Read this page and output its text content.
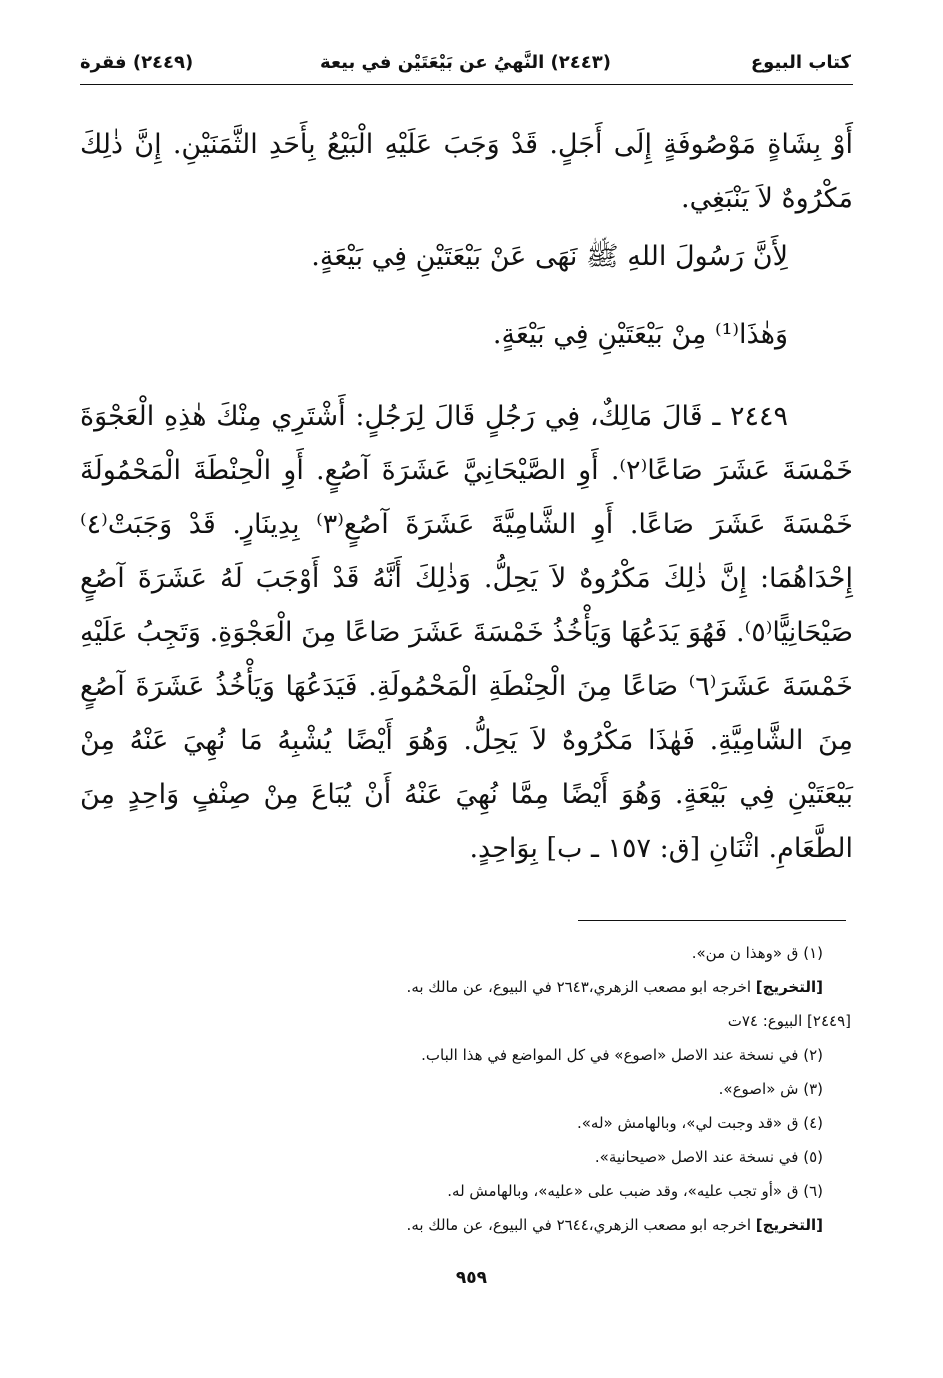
كتاب البيوع
(٢٤٤٣) النَّهيُ عن بَيْعَتَيْن في بيعة
(٢٤٤٩) فقرة

أَوْ بِشَاةٍ مَوْصُوفَةٍ إِلَى أَجَلٍ. قَدْ وَجَبَ عَلَيْهِ الْبَيْعُ بِأَحَدِ الثَّمَنَيْنِ. إِنَّ ذٰلِكَ مَكْرُوهٌ لاَ يَنْبَغِي.

لِأَنَّ رَسُولَ اللهِ ﷺ نَهَى عَنْ بَيْعَتَيْنِ فِي بَيْعَةٍ.

وَهٰذَا⁽¹⁾ مِنْ بَيْعَتَيْنِ فِي بَيْعَةٍ.

٢٤٤٩ ـ قَالَ مَالِكٌ، فِي رَجُلٍ قَالَ لِرَجُلٍ: أَشْتَرِي مِنْكَ هٰذِهِ الْعَجْوَةَ خَمْسَةَ عَشَرَ صَاعًا⁽٢⁾. أَوِ الصَّيْحَانِيَّ عَشَرَةَ آصُعٍ. أَوِ الْحِنْطَةَ الْمَحْمُولَةَ خَمْسَةَ عَشَرَ صَاعًا. أَوِ الشَّامِيَّةَ عَشَرَةَ آصُعٍ⁽٣⁾ بِدِينَارٍ. قَدْ وَجَبَتْ⁽٤⁾ إِحْدَاهُمَا: إِنَّ ذٰلِكَ مَكْرُوهٌ لاَ يَحِلُّ. وَذٰلِكَ أَنَّهُ قَدْ أَوْجَبَ لَهُ عَشَرَةَ آصُعٍ صَيْحَانِيًّا⁽٥⁾. فَهُوَ يَدَعُهَا وَيَأْخُذُ خَمْسَةَ عَشَرَ صَاعًا مِنَ الْعَجْوَةِ. وَتَجِبُ عَلَيْهِ خَمْسَةَ عَشَرَ⁽٦⁾ صَاعًا مِنَ الْحِنْطَةِ الْمَحْمُولَةِ. فَيَدَعُهَا وَيَأْخُذُ عَشَرَةَ آصُعٍ مِنَ الشَّامِيَّةِ. فَهٰذَا مَكْرُوهٌ لاَ يَحِلُّ. وَهُوَ أَيْضًا يُشْبِهُ مَا نُهِيَ عَنْهُ مِنْ بَيْعَتَيْنِ فِي بَيْعَةٍ. وَهُوَ أَيْضًا مِمَّا نُهِيَ عَنْهُ أَنْ يُبَاعَ مِنْ صِنْفٍ وَاحِدٍ مِنَ الطَّعَامِ. اثْنَانِ [ق: ١٥٧ ـ ب] بِوَاحِدٍ.

(١) ق «وهذا ن من».
[التخريج] اخرجه ابو مصعب الزهري،٢٦٤٣ في البيوع، عن مالك به.
[٢٤٤٩] البيوع: ٧٤ت
(٢) في نسخة عند الاصل «اصوع» في كل المواضع في هذا الباب.
(٣) ش «اصوع».
(٤) ق «قد وجبت لي»، وبالهامش «له».
(٥) في نسخة عند الاصل «صيحانية».
(٦) ق «أو تجب عليه»، وقد ضبب على «عليه»، وبالهامش له.
[التخريج] اخرجه ابو مصعب الزهري،٢٦٤٤ في البيوع، عن مالك به.
٩٥٩
